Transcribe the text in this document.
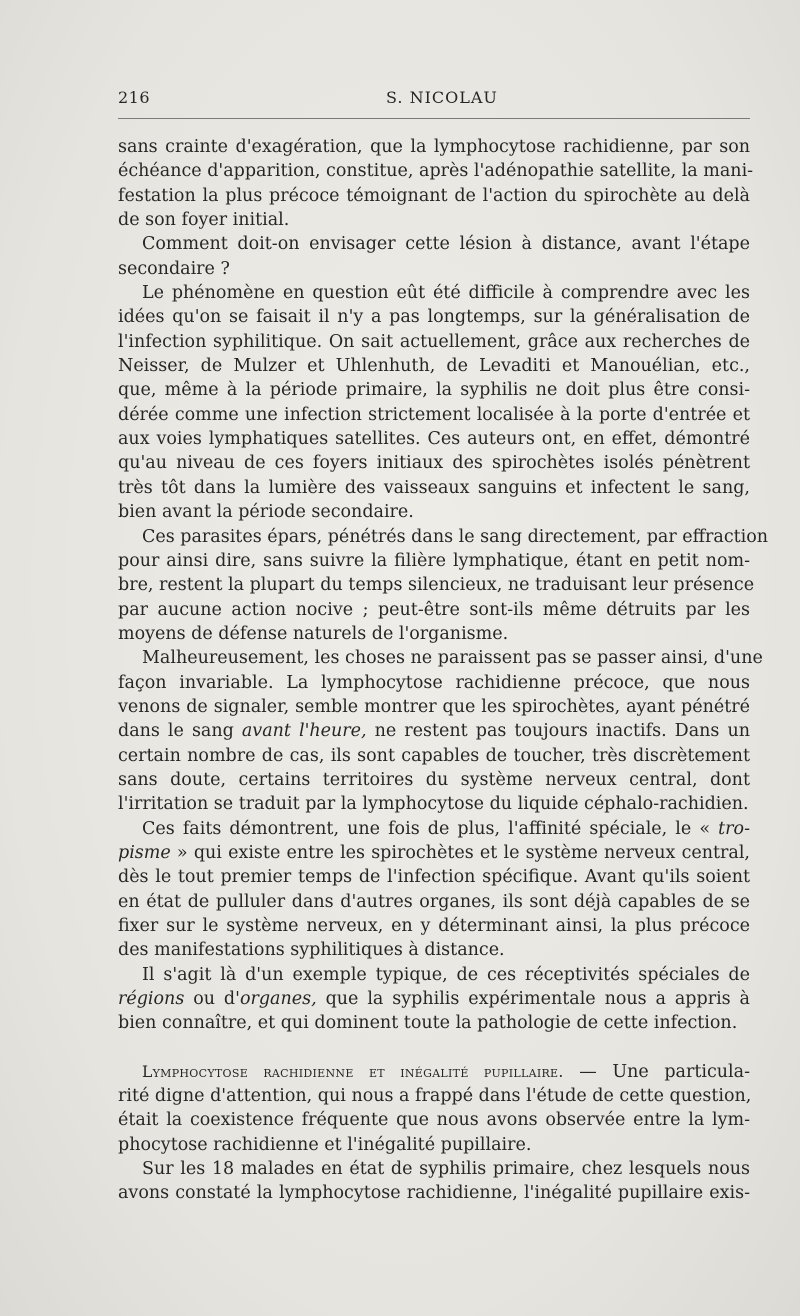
216	S. NICOLAU
sans crainte d'exagération, que la lymphocytose rachidienne, par son
échéance d'apparition, constitue, après l'adénopathie satellite, la mani-
festation la plus précoce témoignant de l'action du spirochète au delà
de son foyer initial.
Comment doit-on envisager cette lésion à distance, avant l'étape
secondaire ?
Le phénomène en question eût été difficile à comprendre avec les
idées qu'on se faisait il n'y a pas longtemps, sur la généralisation de
l'infection syphilitique. On sait actuellement, grâce aux recherches de
Neisser, de Mulzer et Uhlenhuth, de Levaditi et Manouélian, etc.,
que, même à la période primaire, la syphilis ne doit plus être consi-
dérée comme une infection strictement localisée à la porte d'entrée et
aux voies lymphatiques satellites. Ces auteurs ont, en effet, démontré
qu'au niveau de ces foyers initiaux des spirochètes isolés pénètrent
très tôt dans la lumière des vaisseaux sanguins et infectent le sang,
bien avant la période secondaire.
Ces parasites épars, pénétrés dans le sang directement, par effraction
pour ainsi dire, sans suivre la filière lymphatique, étant en petit nom-
bre, restent la plupart du temps silencieux, ne traduisant leur présence
par aucune action nocive ; peut-être sont-ils même détruits par les
moyens de défense naturels de l'organisme.
Malheureusement, les choses ne paraissent pas se passer ainsi, d'une
façon invariable. La lymphocytose rachidienne précoce, que nous
venons de signaler, semble montrer que les spirochètes, ayant pénétré
dans le sang avant l'heure, ne restent pas toujours inactifs. Dans un
certain nombre de cas, ils sont capables de toucher, très discrètement
sans doute, certains territoires du système nerveux central, dont
l'irritation se traduit par la lymphocytose du liquide céphalo-rachidien.
Ces faits démontrent, une fois de plus, l'affinité spéciale, le « tro-
pisme » qui existe entre les spirochètes et le système nerveux central,
dès le tout premier temps de l'infection spécifique. Avant qu'ils soient
en état de pulluler dans d'autres organes, ils sont déjà capables de se
fixer sur le système nerveux, en y déterminant ainsi, la plus précoce
des manifestations syphilitiques à distance.
Il s'agit là d'un exemple typique, de ces réceptivités spéciales de
régions ou d'organes, que la syphilis expérimentale nous a appris à
bien connaître, et qui dominent toute la pathologie de cette infection.
Lymphocytose rachidienne et inégalité pupillaire. — Une particula-
rité digne d'attention, qui nous a frappé dans l'étude de cette question,
était la coexistence fréquente que nous avons observée entre la lym-
phocytose rachidienne et l'inégalité pupillaire.
Sur les 18 malades en état de syphilis primaire, chez lesquels nous
avons constaté la lymphocytose rachidienne, l'inégalité pupillaire exis-
